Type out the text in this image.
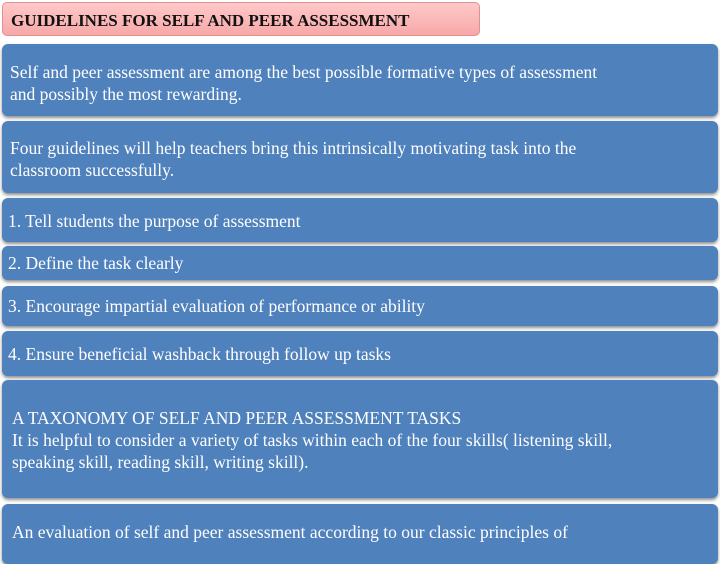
GUIDELINES FOR SELF AND PEER ASSESSMENT
Self and peer assessment are among the best possible formative types of assessment
and possibly the most rewarding.
Four guidelines will help teachers bring this intrinsically motivating task into the
classroom successfully.
1. Tell students the purpose of assessment
2. Define the task clearly
3. Encourage impartial evaluation of performance or ability
4. Ensure beneficial washback through follow up tasks
A TAXONOMY OF SELF AND PEER ASSESSMENT TASKS
It is helpful to consider a variety of tasks within each of the four skills( listening skill,
speaking skill, reading skill, writing skill).
An evaluation of self and peer assessment according to our classic principles of
